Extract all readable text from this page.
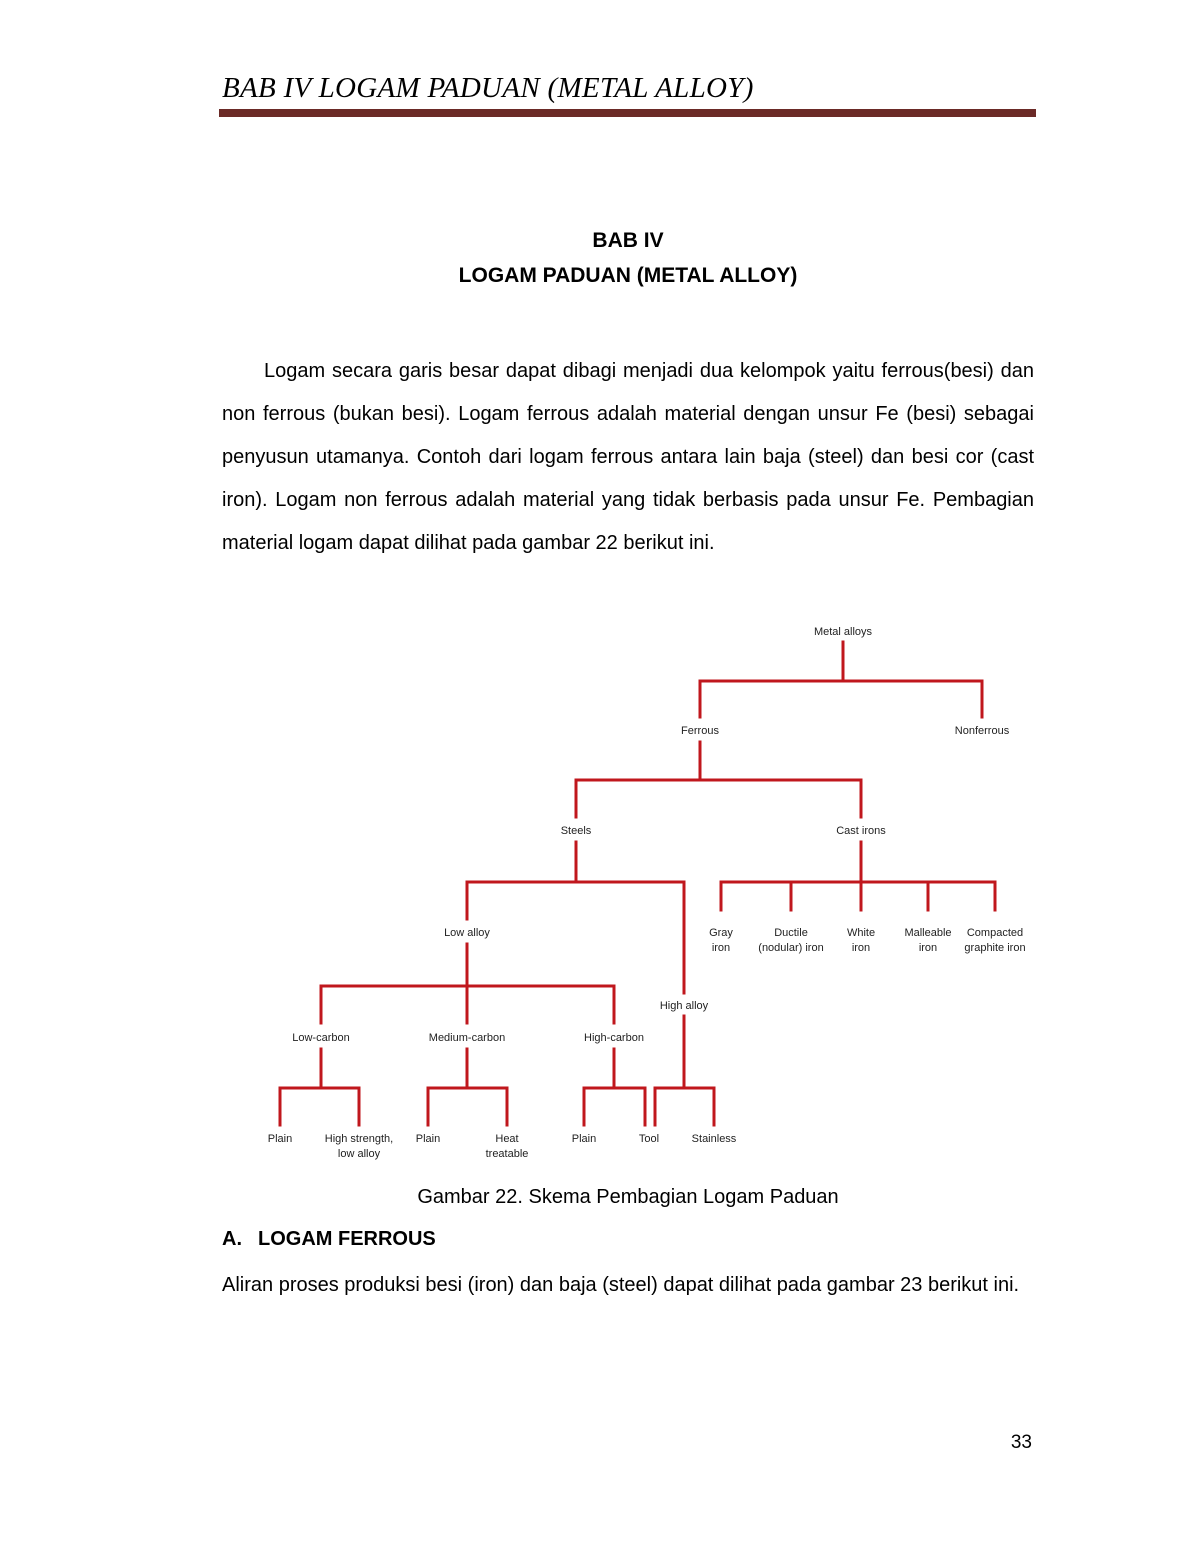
BAB IV LOGAM PADUAN (METAL ALLOY)
BAB IV
LOGAM PADUAN (METAL ALLOY)
Logam secara garis besar dapat dibagi menjadi dua kelompok yaitu ferrous(besi) dan non ferrous (bukan besi). Logam ferrous adalah material dengan unsur Fe (besi) sebagai penyusun utamanya. Contoh dari logam ferrous antara lain baja (steel) dan besi cor (cast iron). Logam non ferrous adalah material yang tidak berbasis pada unsur Fe. Pembagian material logam dapat dilihat pada gambar 22 berikut ini.
Metal alloys
Ferrous	Nonferrous
Steels	Cast irons
Low alloy
High alloy
Gray
iron
Ductile
(nodular) iron
White
iron
Malleable
iron
Compacted
graphite iron
Low-carbon	Medium-carbon	High-carbon
Plain	High strength,
low alloy
Plain	Heat
treatable
Plain	Tool	Stainless
Gambar 22. Skema Pembagian Logam Paduan
A. LOGAM FERROUS
Aliran proses produksi besi (iron) dan baja (steel) dapat dilihat pada gambar 23 berikut ini.
33
